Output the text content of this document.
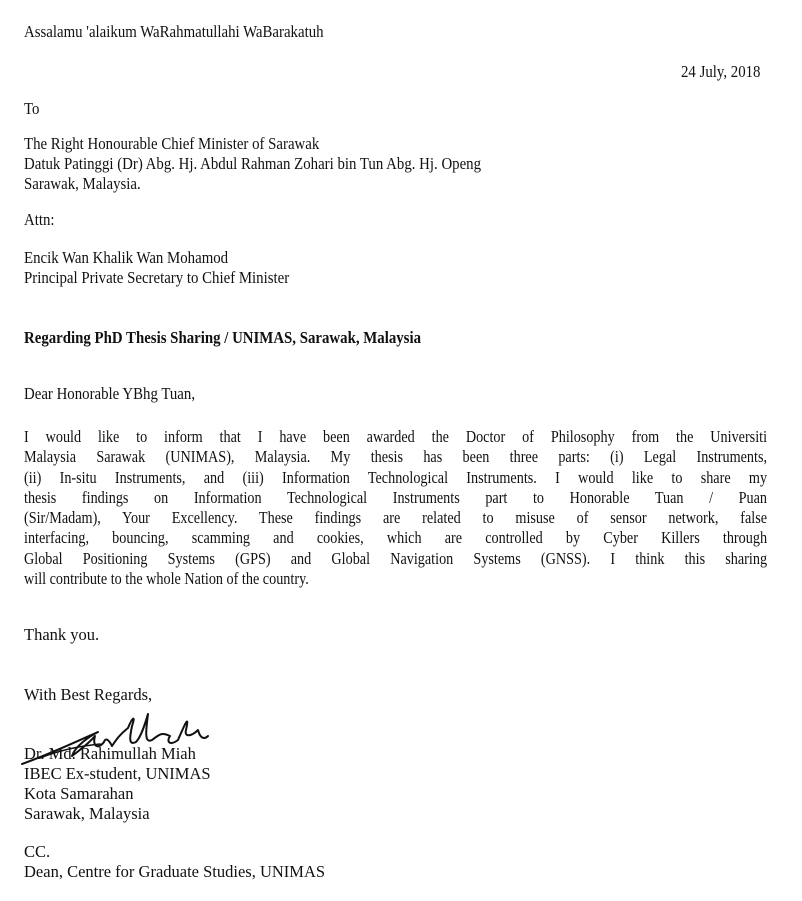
Assalamu 'alaikum WaRahmatullahi WaBarakatuh
24 July, 2018
To
The Right Honourable Chief Minister of Sarawak
Datuk Patinggi (Dr) Abg. Hj. Abdul Rahman Zohari bin Tun Abg. Hj. Openg
Sarawak, Malaysia.
Attn:
Encik Wan Khalik Wan Mohamod
Principal Private Secretary to Chief Minister
Regarding PhD Thesis Sharing / UNIMAS, Sarawak, Malaysia
Dear Honorable YBhg Tuan,
I would like to inform that I have been awarded the Doctor of Philosophy from the Universiti
Malaysia Sarawak (UNIMAS), Malaysia. My thesis has been three parts: (i) Legal Instruments,
(ii) In-situ Instruments, and (iii) Information Technological Instruments. I would like to share my
thesis findings on Information Technological Instruments part to Honorable Tuan / Puan
(Sir/Madam), Your Excellency. These findings are related to misuse of sensor network, false
interfacing, bouncing, scamming and cookies, which are controlled by Cyber Killers through
Global Positioning Systems (GPS) and Global Navigation Systems (GNSS). I think this sharing
will contribute to the whole Nation of the country.
Thank you.
With Best Regards,
Dr. Md. Rahimullah Miah
IBEC Ex-student, UNIMAS
Kota Samarahan
Sarawak, Malaysia
CC.
Dean, Centre for Graduate Studies, UNIMAS
